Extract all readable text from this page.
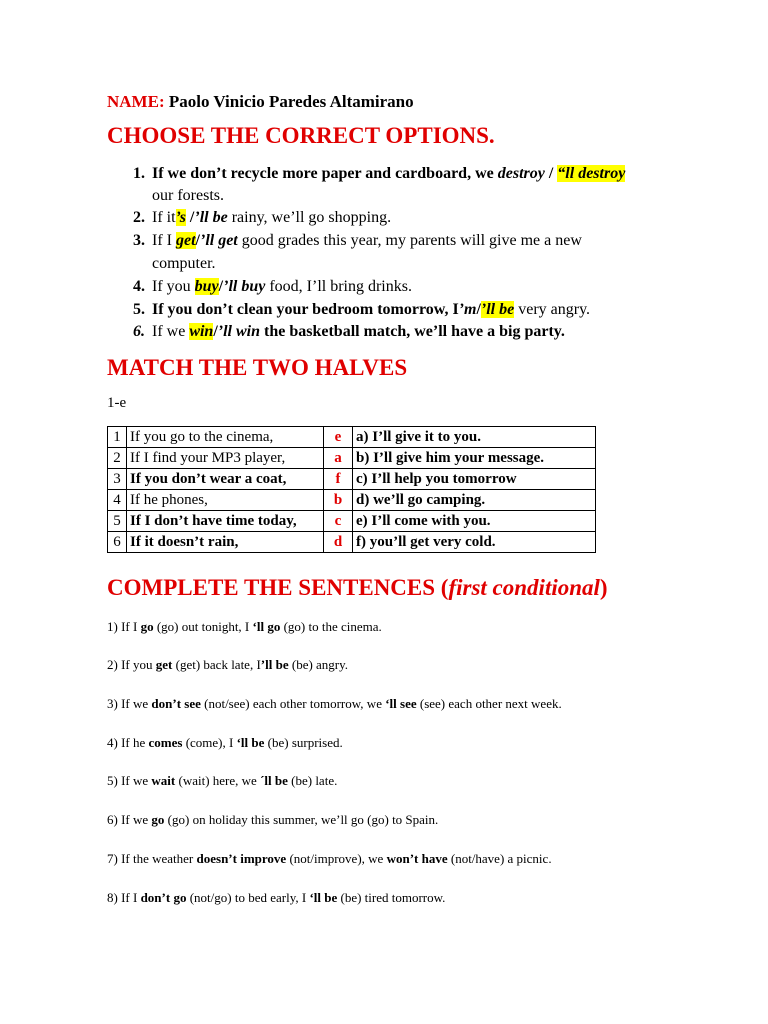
NAME: Paolo Vinicio Paredes Altamirano
CHOOSE THE CORRECT OPTIONS.
1. If we don’t recycle more paper and cardboard, we destroy / “ll destroy
our forests.
2. If it’s /’ll be rainy, we’ll go shopping.
3. If I get/’ll get good grades this year, my parents will give me a new
computer.
4. If you buy/’ll buy food, I’ll bring drinks.
5. If you don’t clean your bedroom tomorrow, I’m/’ll be very angry.
6. If we win/’ll win the basketball match, we’ll have a big party.
MATCH THE TWO HALVES
1-e
1	If you go to the cinema,	e	a) I’ll give it to you.
2	If I find your MP3 player,	a	b) I’ll give him your message.
3	If you don’t wear a coat,	f	c) I’ll help you tomorrow
4	If he phones,	b	d) we’ll go camping.
5	If I don’t have time today,	c	e) I’ll come with you.
6	If it doesn’t rain,	d	f) you’ll get very cold.
COMPLETE THE SENTENCES (first conditional)
1) If I go (go) out tonight, I ‘ll go (go) to the cinema.
2) If you get (get) back late, I’ll be (be) angry.
3) If we don’t see (not/see) each other tomorrow, we ‘ll see (see) each other next week.
4) If he comes (come), I ‘ll be (be) surprised.
5) If we wait (wait) here, we ´ll be (be) late.
6) If we go (go) on holiday this summer, we’ll go (go) to Spain.
7) If the weather doesn’t improve (not/improve), we won’t have (not/have) a picnic.
8) If I don’t go (not/go) to bed early, I ‘ll be (be) tired tomorrow.
